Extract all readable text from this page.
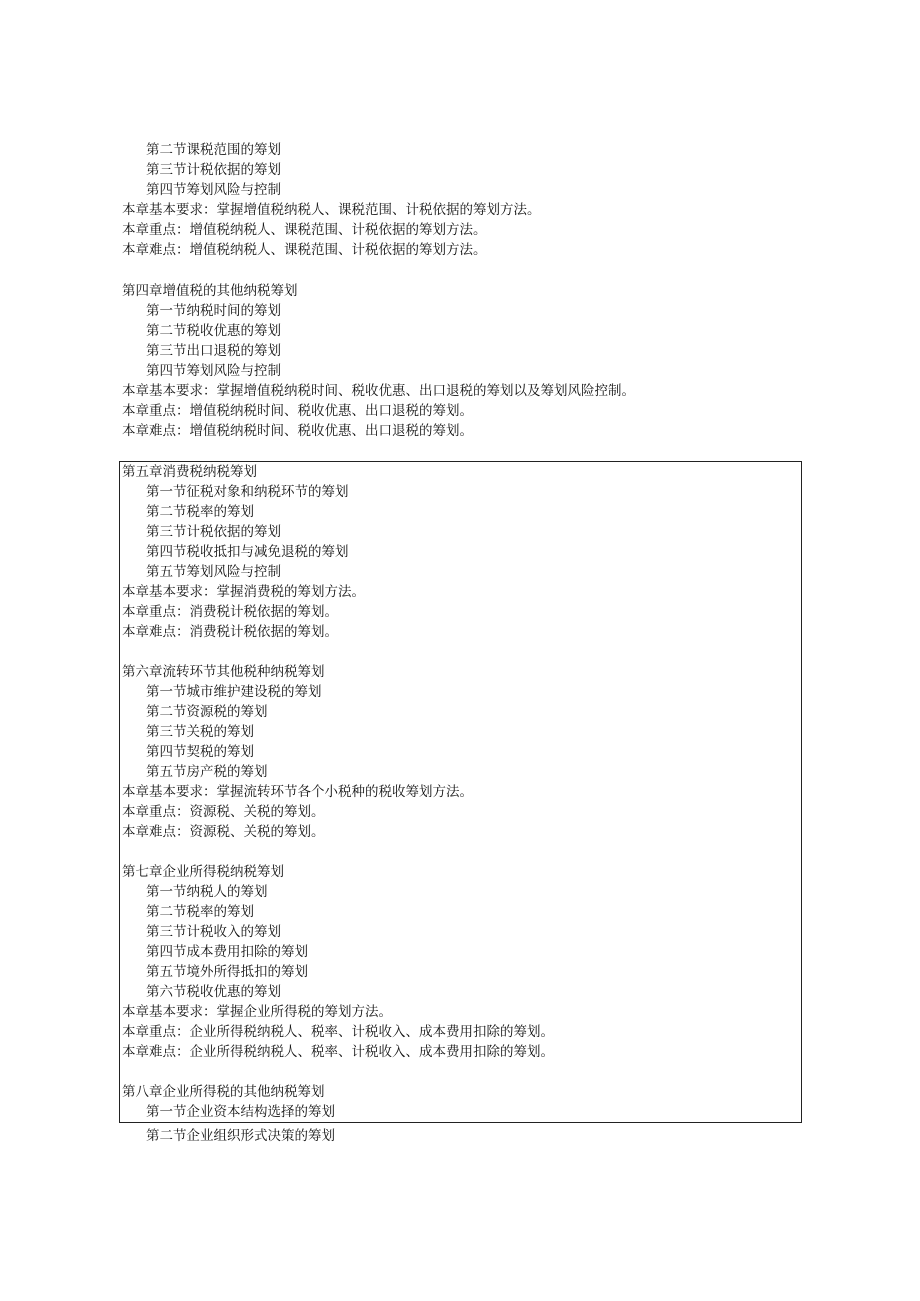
第二节课税范围的筹划
第三节计税依据的筹划
第四节筹划风险与控制
本章基本要求：掌握增值税纳税人、课税范围、计税依据的筹划方法。
本章重点：增值税纳税人、课税范围、计税依据的筹划方法。
本章难点：增值税纳税人、课税范围、计税依据的筹划方法。
第四章增值税的其他纳税筹划
第一节纳税时间的筹划
第二节税收优惠的筹划
第三节出口退税的筹划
第四节筹划风险与控制
本章基本要求：掌握增值税纳税时间、税收优惠、出口退税的筹划以及筹划风险控制。
本章重点：增值税纳税时间、税收优惠、出口退税的筹划。
本章难点：增值税纳税时间、税收优惠、出口退税的筹划。
第五章消费税纳税筹划
第一节征税对象和纳税环节的筹划
第二节税率的筹划
第三节计税依据的筹划
第四节税收抵扣与减免退税的筹划
第五节筹划风险与控制
本章基本要求：掌握消费税的筹划方法。
本章重点：消费税计税依据的筹划。
本章难点：消费税计税依据的筹划。
第六章流转环节其他税种纳税筹划
第一节城市维护建设税的筹划
第二节资源税的筹划
第三节关税的筹划
第四节契税的筹划
第五节房产税的筹划
本章基本要求：掌握流转环节各个小税种的税收筹划方法。
本章重点：资源税、关税的筹划。
本章难点：资源税、关税的筹划。
第七章企业所得税纳税筹划
第一节纳税人的筹划
第二节税率的筹划
第三节计税收入的筹划
第四节成本费用扣除的筹划
第五节境外所得抵扣的筹划
第六节税收优惠的筹划
本章基本要求：掌握企业所得税的筹划方法。
本章重点：企业所得税纳税人、税率、计税收入、成本费用扣除的筹划。
本章难点：企业所得税纳税人、税率、计税收入、成本费用扣除的筹划。
第八章企业所得税的其他纳税筹划
第一节企业资本结构选择的筹划
第二节企业组织形式决策的筹划
